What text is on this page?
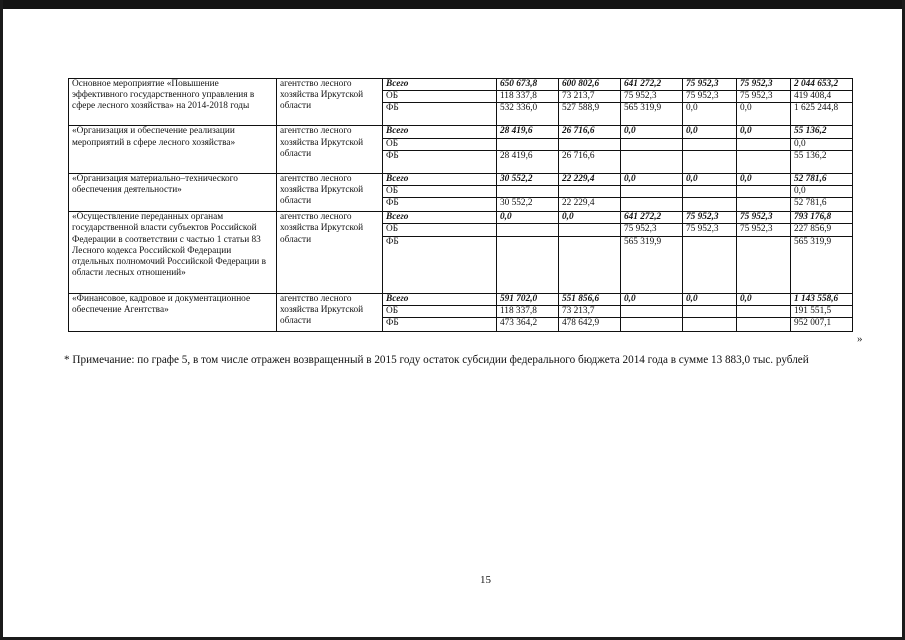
Основное мероприятие «Повышение эффективного государственного управления в сфере лесного хозяйства» на 2014-2018 годы	агентство лесного хозяйства Иркутской области	Всего	650 673,8	600 802,6	641 272,2	75 952,3	75 952,3	2 044 653,2
		ОБ	118 337,8	73 213,7	75 952,3	75 952,3	75 952,3	419 408,4
		ФБ	532 336,0	527 588,9	565 319,9	0,0	0,0	1 625 244,8
«Организация и обеспечение реализации мероприятий в сфере лесного хозяйства»	агентство лесного хозяйства Иркутской области	Всего	28 419,6	26 716,6	0,0	0,0	0,0	55 136,2
		ОБ						0,0
		ФБ	28 419,6	26 716,6				55 136,2
«Организация материально–технического обеспечения деятельности»	агентство лесного хозяйства Иркутской области	Всего	30 552,2	22 229,4	0,0	0,0	0,0	52 781,6
		ОБ						0,0
		ФБ	30 552,2	22 229,4				52 781,6
«Осуществление переданных органам государственной власти субъектов Российской Федерации в соответствии с частью 1 статьи 83 Лесного кодекса Российской Федерации отдельных полномочий Российской Федерации в области лесных отношений»	агентство лесного хозяйства Иркутской области	Всего	0,0	0,0	641 272,2	75 952,3	75 952,3	793 176,8
		ОБ			75 952,3	75 952,3	75 952,3	227 856,9
		ФБ			565 319,9			565 319,9
«Финансовое, кадровое и документационное обеспечение Агентства»	агентство лесного хозяйства Иркутской области	Всего	591 702,0	551 856,6	0,0	0,0	0,0	1 143 558,6
		ОБ	118 337,8	73 213,7				191 551,5
		ФБ	473 364,2	478 642,9				952 007,1
»
* Примечание: по графе 5, в том числе отражен возвращенный в 2015 году остаток субсидии федерального бюджета 2014 года в сумме 13 883,0 тыс. рублей
15
